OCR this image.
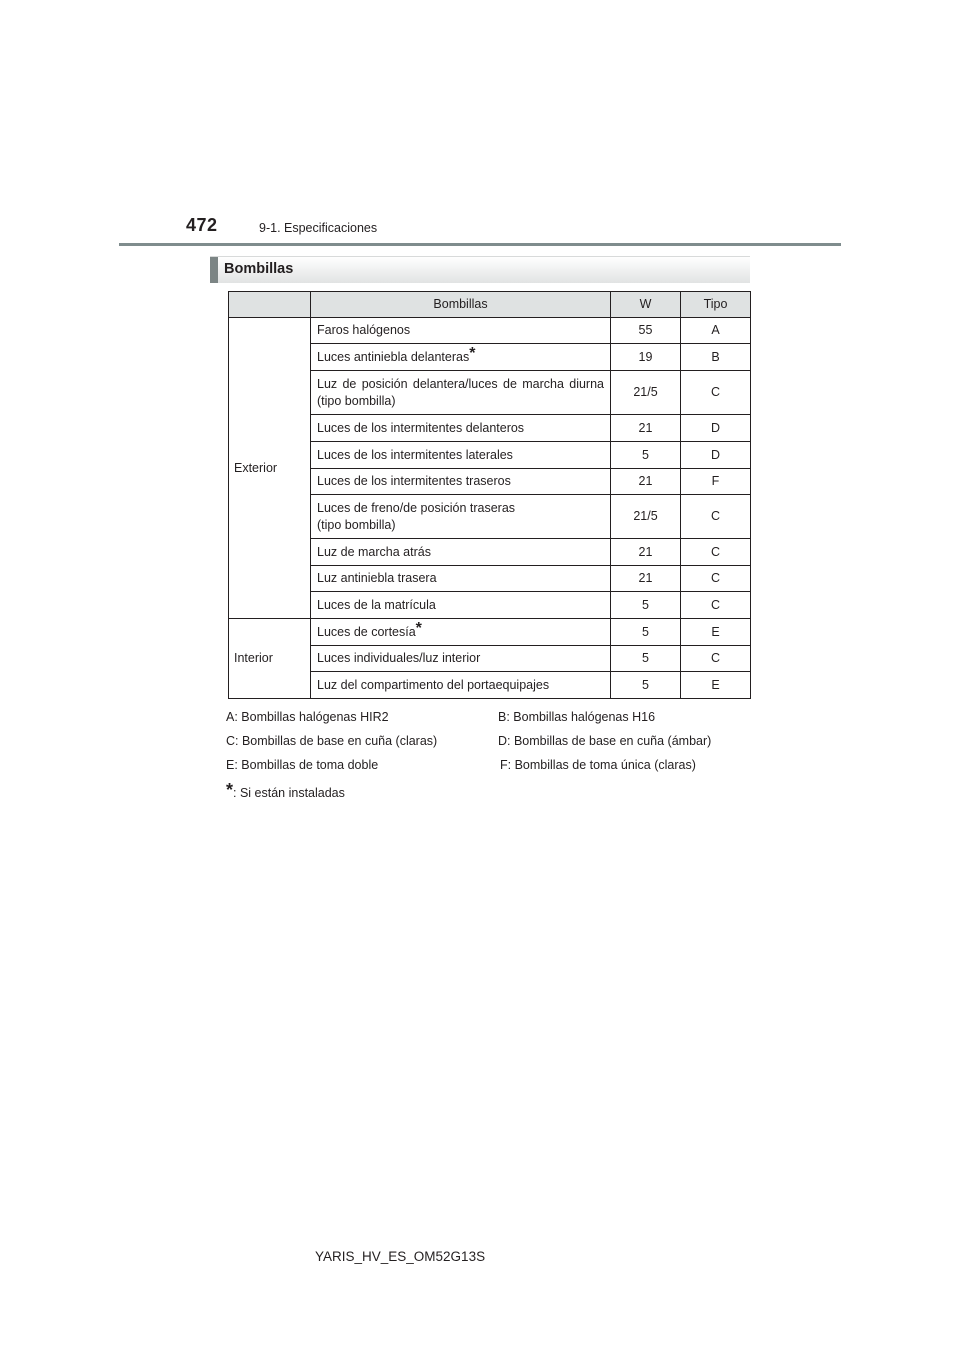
472	9-1. Especificaciones
Bombillas
	Bombillas	W	Tipo
Exterior	Faros halógenos	55	A
	Luces antiniebla delanteras*	19	B
	Luz de posición delantera/luces de marcha diurna (tipo bombilla)	21/5	C
	Luces de los intermitentes delanteros	21	D
	Luces de los intermitentes laterales	5	D
	Luces de los intermitentes traseros	21	F
	Luces de freno/de posición traseras
(tipo bombilla)	21/5	C
	Luz de marcha atrás	21	C
	Luz antiniebla trasera	21	C
	Luces de la matrícula	5	C
Interior	Luces de cortesía*	5	E
	Luces individuales/luz interior	5	C
	Luz del compartimento del portaequipajes	5	E
A: Bombillas halógenas HIR2	B: Bombillas halógenas H16
C: Bombillas de base en cuña (claras)	D: Bombillas de base en cuña (ámbar)
E: Bombillas de toma doble	F: Bombillas de toma única (claras)
*: Si están instaladas
YARIS_HV_ES_OM52G13S
